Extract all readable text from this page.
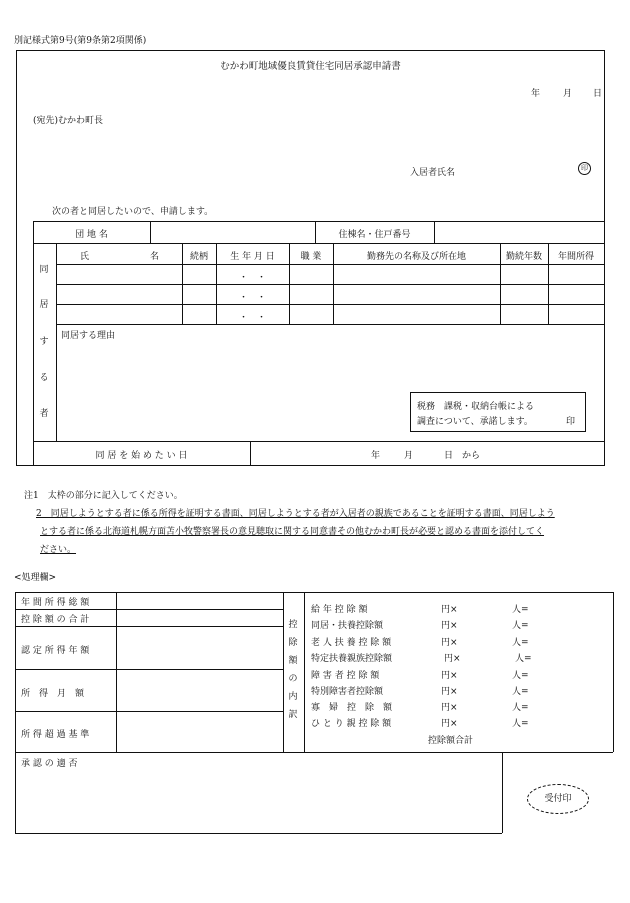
別記様式第9号(第9条第2項関係)
むかわ町地域優良賃貸住宅同居承認申請書
年	月 日
(宛先)むかわ町長
入居者氏名	印
次の者と同居したいので、申請します。
団 地 名	住棟名・住戸番号
同
居
す
る
者
氏	名	続柄	生 年 月 日	職 業	勤務先の名称及び所在地	勤続年数	年間所得
・　・
・　・
・　・
同居する理由
税務　課税・収納台帳による
調査について、承諾します。	印
同 居 を 始 め た い 日	年	月	日 から
注1　太枠の部分に記入してください。
2　同居しようとする者に係る所得を証明する書面、同居しようとする者が入居者の親族であることを証明する書面、同居しよう
とする者に係る北海道札幌方面苫小牧警察署長の意見聴取に関する同意書その他むかわ町長が必要と認める書面を添付してく
ださい。
<処理欄>
年 間 所 得 総 額
控 除 額 の 合 計
認 定 所 得 年 額
所　得　月　額
所 得 超 過 基 準
控
除
額
の
内
訳
給 年 控 除 額	円×	人=
同居・扶養控除額	円×	人=
老 人 扶 養 控 除 額	円×	人=
特定扶養親族控除額	円×	人=
障 害 者 控 除 額	円×	人=
特別障害者控除額	円×	人=
寡　婦　控　除　額	円×	人=
ひ と り 親 控 除 額	円×	人=
控除額合計
承 認 の 適 否
受付印
